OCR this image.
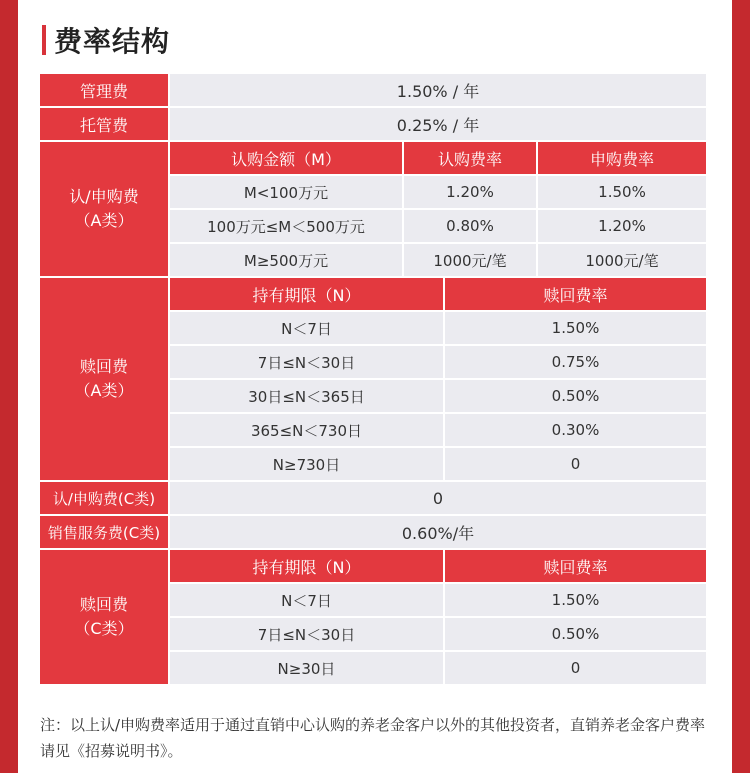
费率结构
管理费	1.50% / 年
托管费	0.25% / 年
认/申购费
（A类）
认购金额（M）	认购费率	申购费率
M<100万元	1.20%	1.50%
100万元≤M＜500万元	0.80%	1.20%
M≥500万元	1000元/笔	1000元/笔
赎回费
（A类）
持有期限（N）	赎回费率
N＜7日	1.50%
7日≤N＜30日	0.75%
30日≤N＜365日	0.50%
365≤N＜730日	0.30%
N≥730日	0
认/申购费(C类)	0
销售服务费(C类)	0.60%/年
赎回费
（C类）
持有期限（N）	赎回费率
N＜7日	1.50%
7日≤N＜30日	0.50%
N≥30日	0
注：以上认/申购费率适用于通过直销中心认购的养老金客户以外的其他投资者，直销养老金客户费率请见《招募说明书》。
